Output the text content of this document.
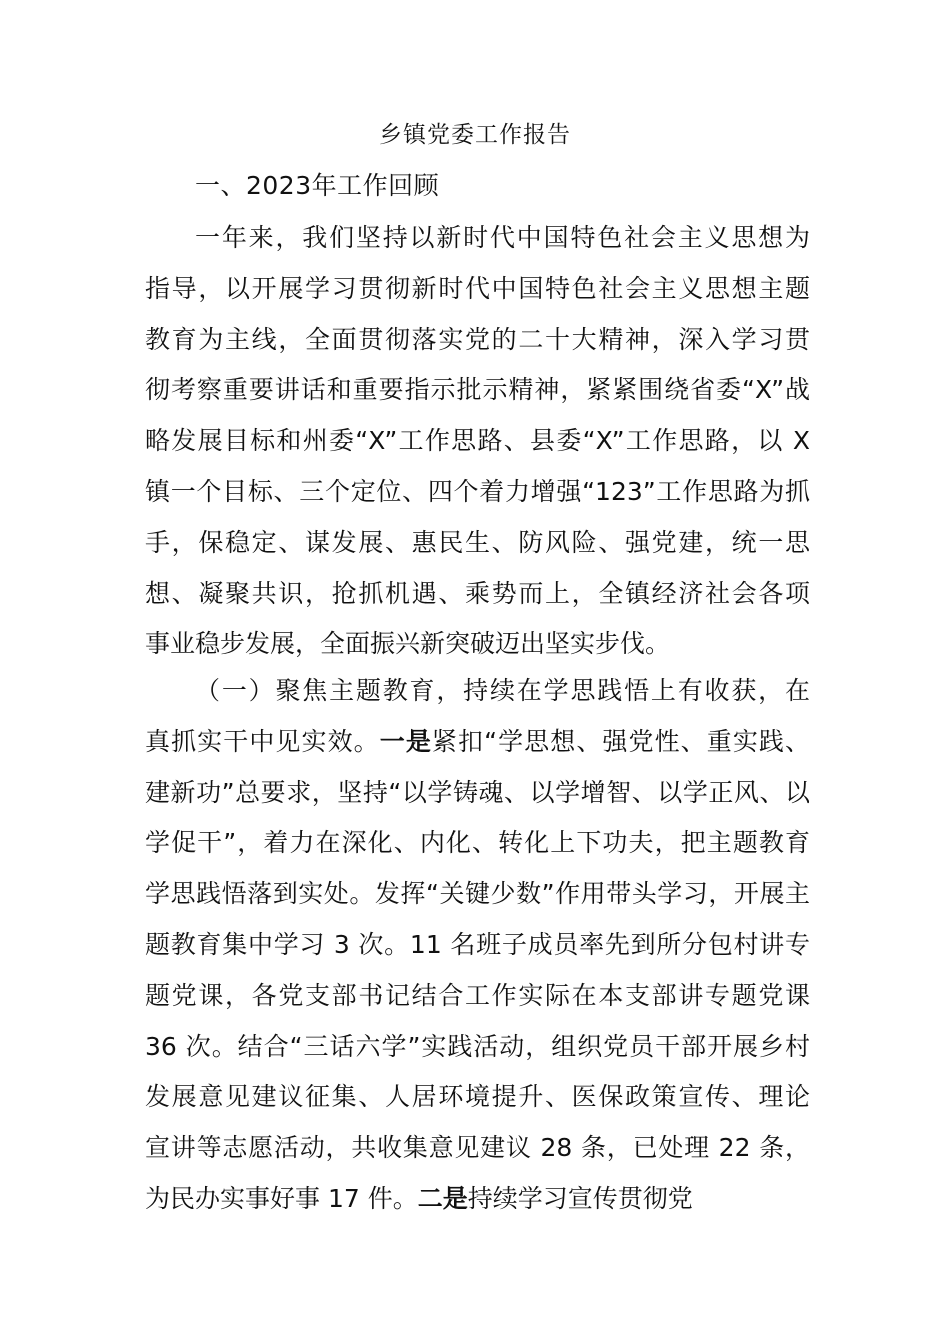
乡镇党委工作报告
一、2023年工作回顾
一年来，我们坚持以新时代中国特色社会主义思想为
指导，以开展学习贯彻新时代中国特色社会主义思想主题
教育为主线，全面贯彻落实党的二十大精神，深入学习贯
彻考察重要讲话和重要指示批示精神，紧紧围绕省委“X”战
略发展目标和州委“X”工作思路、县委“X”工作思路，以 X
镇一个目标、三个定位、四个着力增强“123”工作思路为抓
手，保稳定、谋发展、惠民生、防风险、强党建，统一思
想、凝聚共识，抢抓机遇、乘势而上，全镇经济社会各项
事业稳步发展，全面振兴新突破迈出坚实步伐。
（一）聚焦主题教育，持续在学思践悟上有收获，在
真抓实干中见实效。一是紧扣“学思想、强党性、重实践、
建新功”总要求，坚持“以学铸魂、以学增智、以学正风、以
学促干”，着力在深化、内化、转化上下功夫，把主题教育
学思践悟落到实处。发挥“关键少数”作用带头学习，开展主
题教育集中学习 3 次。11 名班子成员率先到所分包村讲专
题党课，各党支部书记结合工作实际在本支部讲专题党课
36 次。结合“三话六学”实践活动，组织党员干部开展乡村
发展意见建议征集、人居环境提升、医保政策宣传、理论
宣讲等志愿活动，共收集意见建议 28 条，已处理 22 条，
为民办实事好事 17 件。二是持续学习宣传贯彻党
